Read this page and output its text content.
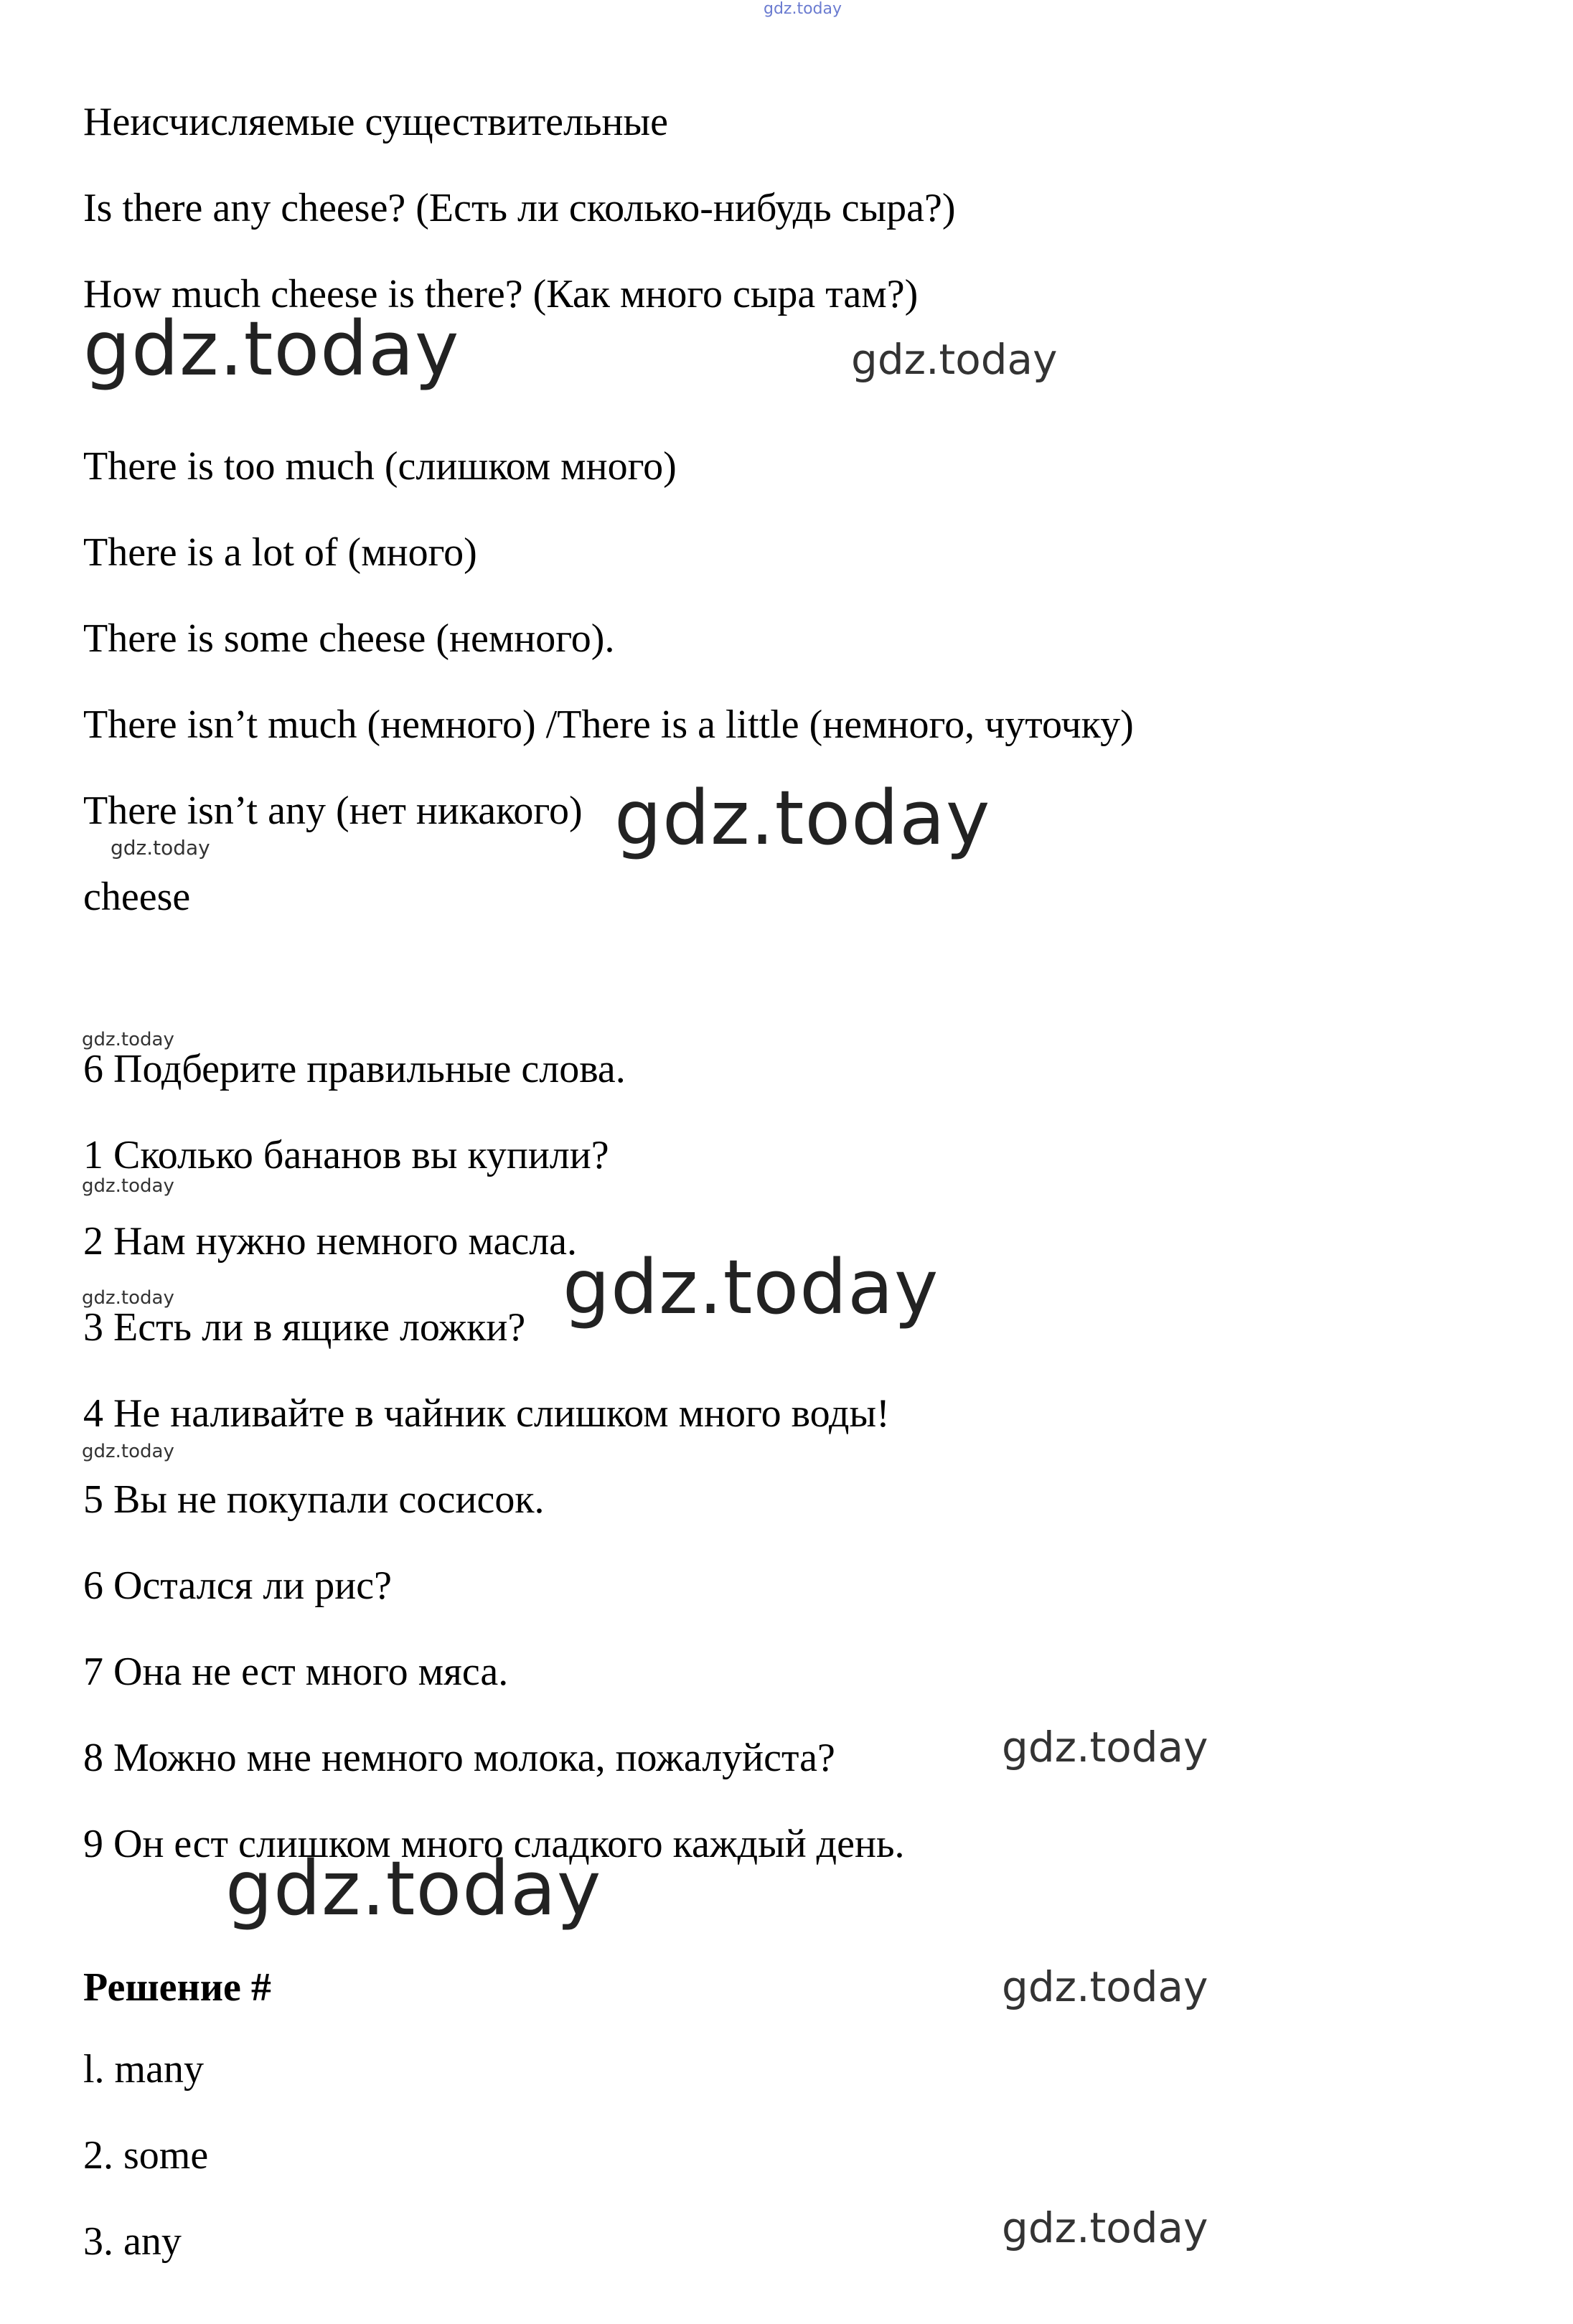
gdz.today

Неисчисляемые существительные

Is there any cheese? (Есть ли сколько-нибудь сыра?)

How much cheese is there? (Как много сыра там?)

gdz.today	gdz.today

There is too much (слишком много)

There is a lot of (много)

There is some cheese (немного).

There isn’t much (немного) /There is a little (немного, чуточку)

There isn’t any (нет никакого) gdz.today
gdz.today

cheese

gdz.today

6 Подберите правильные слова.

1 Сколько бананов вы купили?

gdz.today

2 Нам нужно немного масла.

gdz.today	gdz.today

3 Есть ли в ящике ложки?

4 Не наливайте в чайник слишком много воды!

gdz.today

5 Вы не покупали сосисок.

6 Остался ли рис?

7 Она не ест много мяса.

8 Можно мне немного молока, пожалуйста?	gdz.today

9 Он ест слишком много сладкого каждый день.

gdz.today

Решение #	gdz.today

l. many

2. some

3. any	gdz.today
